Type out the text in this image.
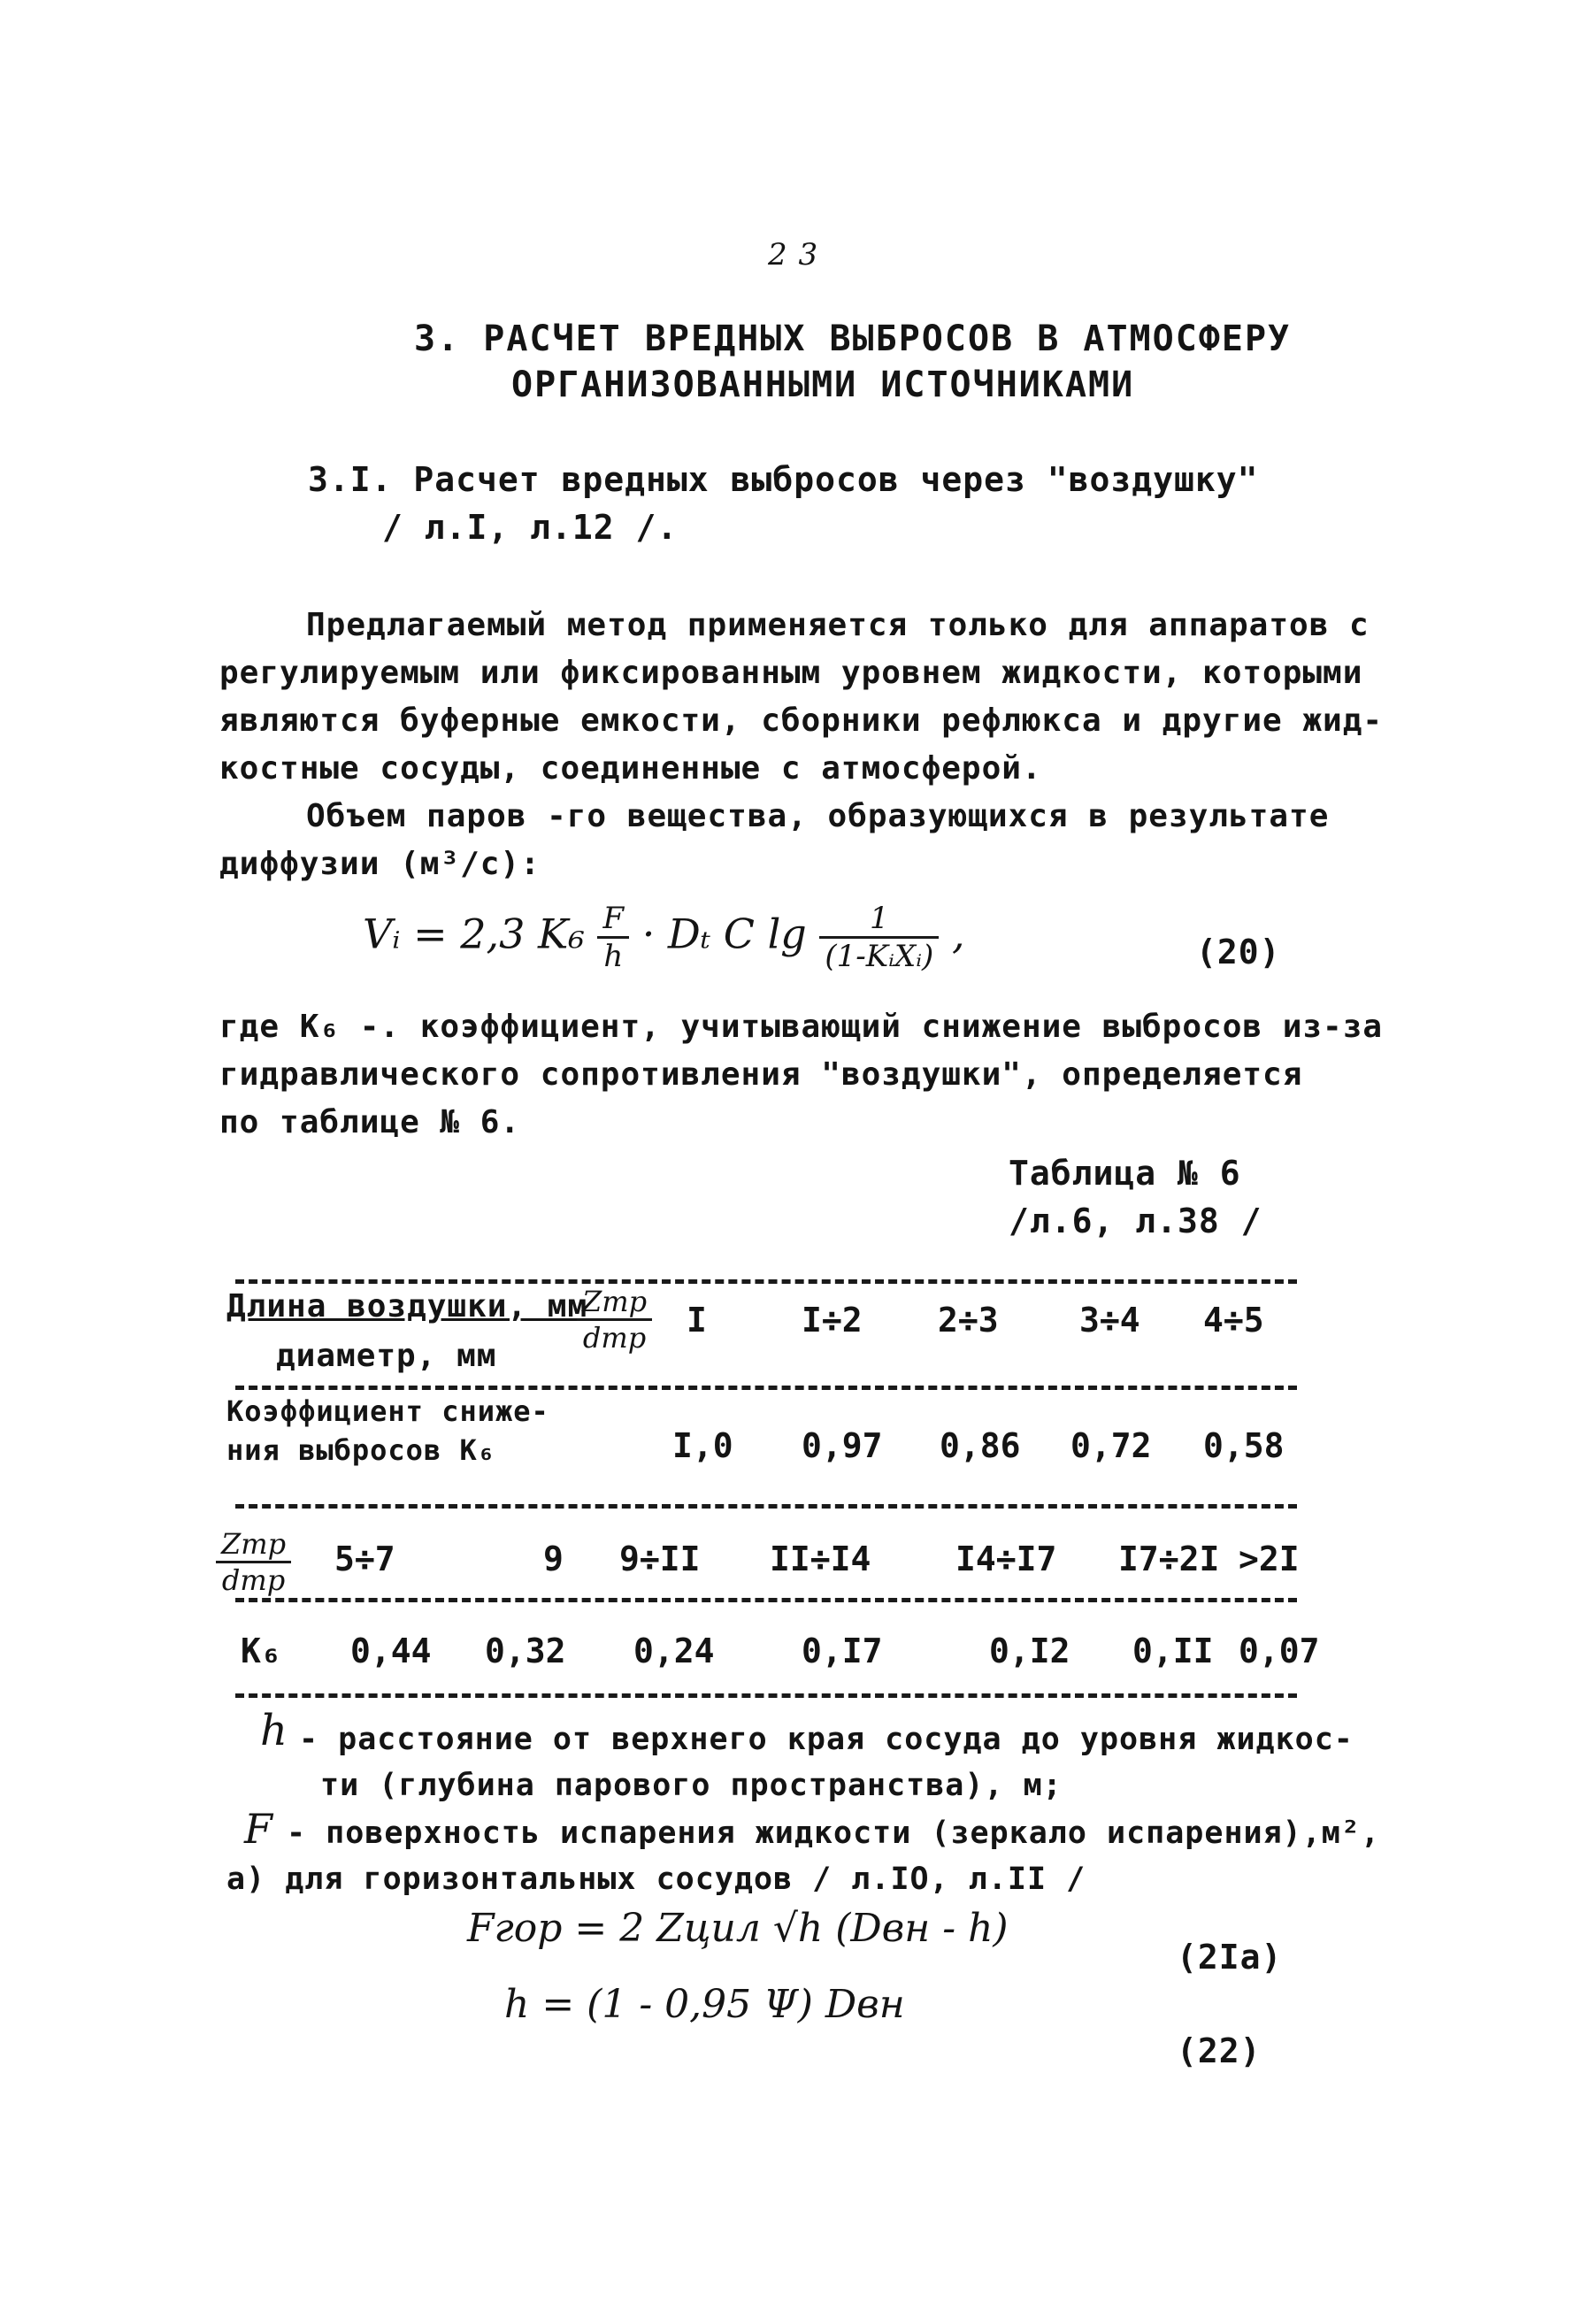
2 3
3. РАСЧЕТ ВРЕДНЫХ ВЫБРОСОВ В АТМОСФЕРУ
ОРГАНИЗОВАННЫМИ ИСТОЧНИКАМИ
3.I. Расчет вредных выбросов через "воздушку"
/ л.I, л.12 /.
Предлагаемый метод применяется только для аппаратов с
регулируемым или фиксированным уровнем жидкости, которыми
являются буферные емкости, сборники рефлюкса и другие жид-
костные сосуды, соединенные с атмосферой.
Объем паров -го вещества, образующихся в результате
диффузии (м³/с):
Vᵢ = 2,3 $K_6 \frac{F}{h} \cdot D_t$ C $\lg \frac{1}{\text{(1-KᵢXᵢ)}}$ ,	(20)
где K₆ -. коэффициент, учитывающий снижение выбросов из-за
гидравлического сопротивления "воздушки", определяется
по таблице № 6.
Таблица № 6
/л.6, л.38 /
Длина воздушки, мм
диаметр, мм
$\frac{\text{Zтр}}{\text{dтр}}$ I	I÷2 2÷3 3÷4 4÷5
Коэффициент сниже-
ния выбросов K₆	I,0 0,97 0,86 0,72 0,58
$\frac{\text{Zтр}}{\text{dтр}} 5\div 7$	9 9÷II II÷I4	I4÷I7 I7÷2I >2I
K₆ 0,44 0,32 0,24	0,I7	0,I2 0,II 0,07
h - расстояние от верхнего края сосуда до уровня жидкос-
ти (глубина парового пространства), м;
F - поверхность испарения жидкости (зеркало испарения),м²,
а) для горизонтальных сосудов / л.IO, л.II /
Fгор = 2 Zцил √h (Dвн - h)
(2Iа)
h = (1 - 0,95 Ψ) Dвн
(22)
